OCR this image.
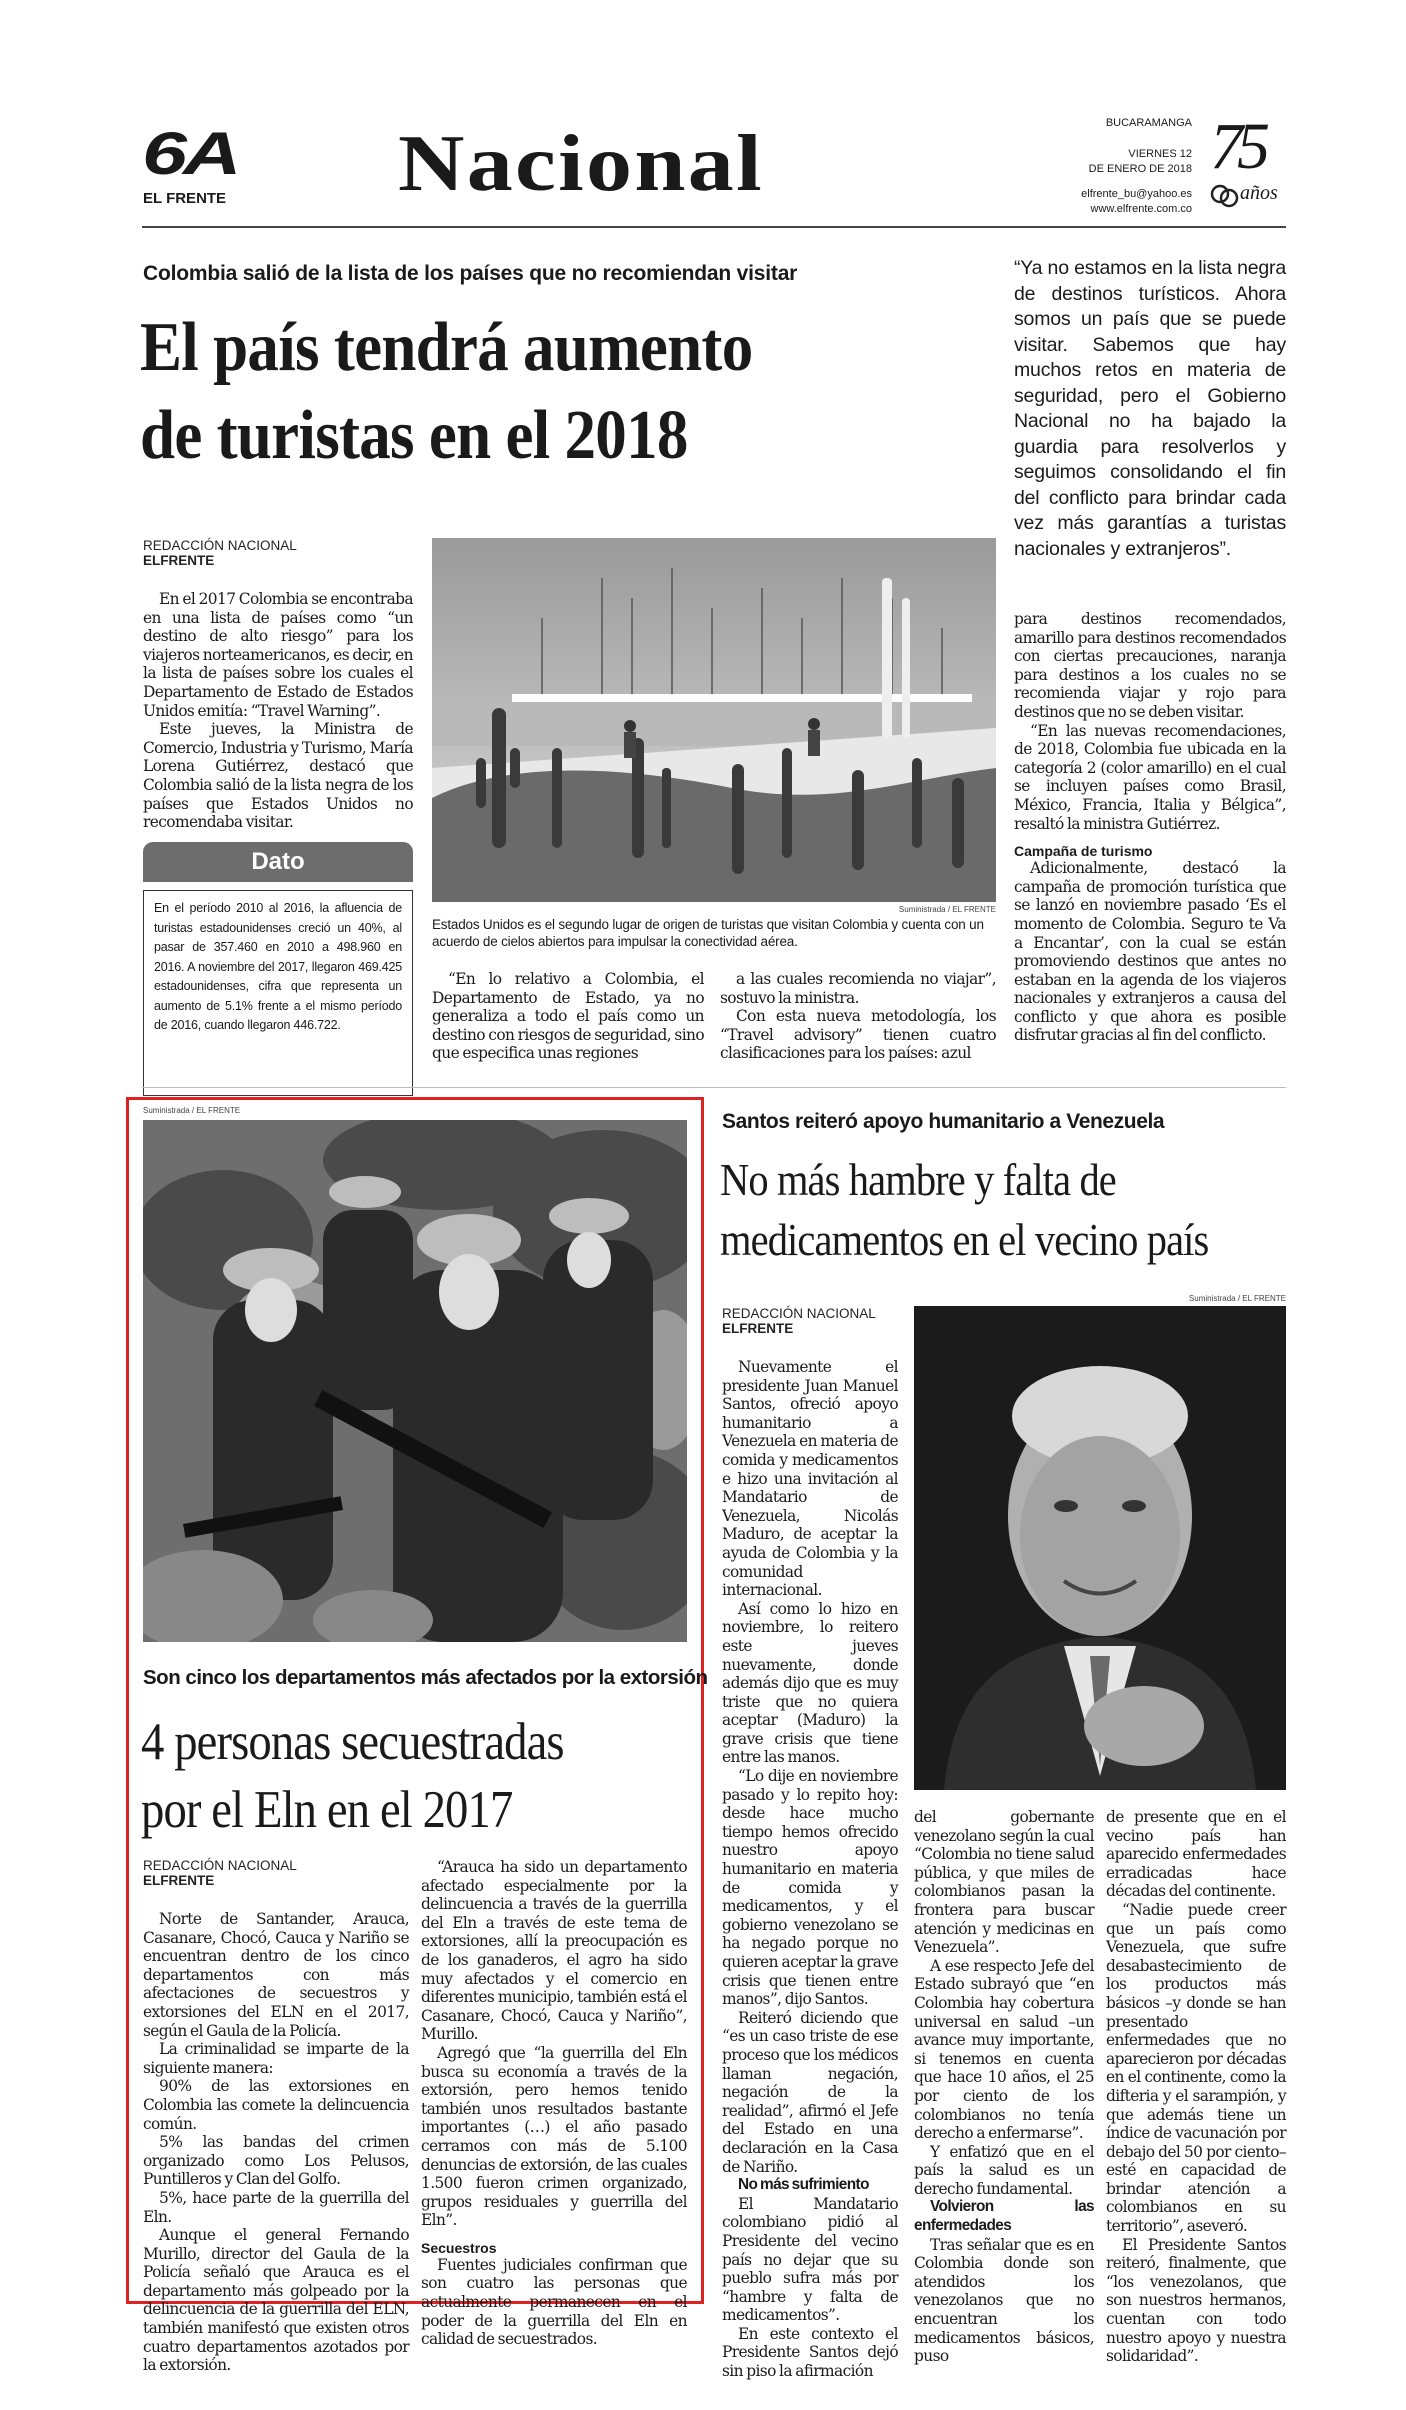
6A
EL FRENTE Nacional	BUCARAMANGA
VIERNES 12
DE ENERO DE 2018
elfrente_bu@yahoo.es
www.elfrente.com.co
75
años
Colombia salió de la lista de los países que no recomiendan visitar
El país tendrá aumento
de turistas en el 2018
REDACCIÓN NACIONAL
ELFRENTE

En el 2017 Colombia se encontraba en una lista de países como “un destino de alto riesgo” para los viajeros norteamericanos, es decir, en la lista de países sobre los cuales el Departamento de Estado de Estados Unidos emitía: “Travel Warning”.

Este jueves, la Ministra de Comercio, Industria y Turismo, María Lorena Gutiérrez, destacó que Colombia salió de la lista negra de los países que Estados Unidos no recomendaba visitar.

Dato
En el período 2010 al 2016, la afluencia de turistas estadounidenses creció un 40%, al pasar de 357.460 en 2010 a 498.960 en 2016. A noviembre del 2017, llegaron 469.425 estadounidenses, cifra que representa un aumento de 5.1% frente a el mismo período de 2016, cuando llegaron 446.722.
Suministrada / EL FRENTE
Estados Unidos es el segundo lugar de origen de turistas que visitan Colombia y cuenta con un acuerdo de cielos abiertos para impulsar la conectividad aérea.

“En lo relativo a Colombia, el Departamento de Estado, ya no generaliza a todo el país como un destino con riesgos de seguridad, sino que especifica unas regiones

a las cuales recomienda no viajar”, sostuvo la ministra.

Con esta nueva metodología, los “Travel advisory” tienen cuatro clasificaciones para los países: azul

“Ya no estamos en la lista negra de destinos turísticos. Ahora somos un país que se puede visitar. Sabemos que hay muchos retos en materia de seguridad, pero el Gobierno Nacional no ha bajado la guardia para resolverlos y seguimos consolidando el fin del conflicto para brindar cada vez más garantías a turistas nacionales y extranjeros”.

para destinos recomendados, amarillo para destinos recomendados con ciertas precauciones, naranja para destinos a los cuales no se recomienda viajar y rojo para destinos que no se deben visitar.

“En las nuevas recomendaciones, de 2018, Colombia fue ubicada en la categoría 2 (color amarillo) en el cual se incluyen países como Brasil, México, Francia, Italia y Bélgica”, resaltó la ministra Gutiérrez.

Campaña de turismo

Adicionalmente, destacó la campaña de promoción turística que se lanzó en noviembre pasado ‘Es el momento de Colombia. Seguro te Va a Encantar’, con la cual se están promoviendo destinos que antes no estaban en la agenda de los viajeros nacionales y extranjeros a causa del conflicto y que ahora es posible disfrutar gracias al fin del conflicto.

Suministrada / EL FRENTE
Son cinco los departamentos más afectados por la extorsión
4 personas secuestradas
por el Eln en el 2017
REDACCIÓN NACIONAL
ELFRENTE

Norte de Santander, Arauca, Casanare, Chocó, Cauca y Nariño se encuentran dentro de los cinco departamentos con más afectaciones de secuestros y extorsiones del ELN en el 2017, según el Gaula de la Policía.

La criminalidad se imparte de la siguiente manera:

90% de las extorsiones en Colombia las comete la delincuencia común.

5% las bandas del crimen organizado como Los Pelusos, Puntilleros y Clan del Golfo.

5%, hace parte de la guerrilla del Eln.

Aunque el general Fernando Murillo, director del Gaula de la Policía señaló que Arauca es el departamento más golpeado por la delincuencia de la guerrilla del ELN, también manifestó que existen otros cuatro departamentos azotados por la extorsión.

“Arauca ha sido un departamento afectado especialmente por la delincuencia a través de la guerrilla del Eln a través de este tema de extorsiones, allí la preocupación es de los ganaderos, el agro ha sido muy afectados y el comercio en diferentes municipio, también está el Casanare, Chocó, Cauca y Nariño”, Murillo.

Agregó que “la guerrilla del Eln busca su economía a través de la extorsión, pero hemos tenido también unos resultados bastante importantes (…) el año pasado cerramos con más de 5.100 denuncias de extorsión, de las cuales 1.500 fueron crimen organizado, grupos residuales y guerrilla del Eln”.

Secuestros

Fuentes judiciales confirman que son cuatro las personas que actualmente permanecen en el poder de la guerrilla del Eln en calidad de secuestrados.

Santos reiteró apoyo humanitario a Venezuela
No más hambre y falta de
medicamentos en el vecino país
Suministrada / EL FRENTE
REDACCIÓN NACIONAL
ELFRENTE

Nuevamente el presidente Juan Manuel Santos, ofreció apoyo humanitario a Venezuela en materia de comida y medicamentos e hizo una invitación al Mandatario de Venezuela, Nicolás Maduro, de aceptar la ayuda de Colombia y la comunidad internacional.

Así como lo hizo en noviembre, lo reitero este jueves nuevamente, donde además dijo que es muy triste que no quiera aceptar (Maduro) la grave crisis que tiene entre las manos.

“Lo dije en noviembre pasado y lo repito hoy: desde hace mucho tiempo hemos ofrecido nuestro apoyo humanitario en materia de comida y medicamentos, y el gobierno venezolano se ha negado porque no quieren aceptar la grave crisis que tienen entre manos”, dijo Santos.

Reiteró diciendo que “es un caso triste de ese proceso que los médicos llaman negación, negación de la realidad”, afirmó el Jefe del Estado en una declaración en la Casa de Nariño.

No más sufrimiento

El Mandatario colombiano pidió al Presidente del vecino país no dejar que su pueblo sufra más por “hambre y falta de medicamentos”.

En este contexto el Presidente Santos dejó sin piso la afirmación

del gobernante venezolano según la cual “Colombia no tiene salud pública, y que miles de colombianos pasan la frontera para buscar atención y medicinas en Venezuela”.

A ese respecto Jefe del Estado subrayó que “en Colombia hay cobertura universal en salud –un avance muy importante, si tenemos en cuenta que hace 10 años, el 25 por ciento de los colombianos no tenía derecho a enfermarse”.

Y enfatizó que en el país la salud es un derecho fundamental.

Volvieron las enfermedades

Tras señalar que es en Colombia donde son atendidos los venezolanos que no encuentran los medicamentos básicos, puso

de presente que en el vecino país han aparecido enfermedades erradicadas hace décadas del continente.

“Nadie puede creer que un país como Venezuela, que sufre desabastecimiento de los productos más básicos –y donde se han presentado enfermedades que no aparecieron por décadas en el continente, como la difteria y el sarampión, y que además tiene un índice de vacunación por debajo del 50 por ciento– esté en capacidad de brindar atención a colombianos en su territorio”, aseveró.

El Presidente Santos reiteró, finalmente, que “los venezolanos, que son nuestros hermanos, cuentan con todo nuestro apoyo y nuestra solidaridad”.
